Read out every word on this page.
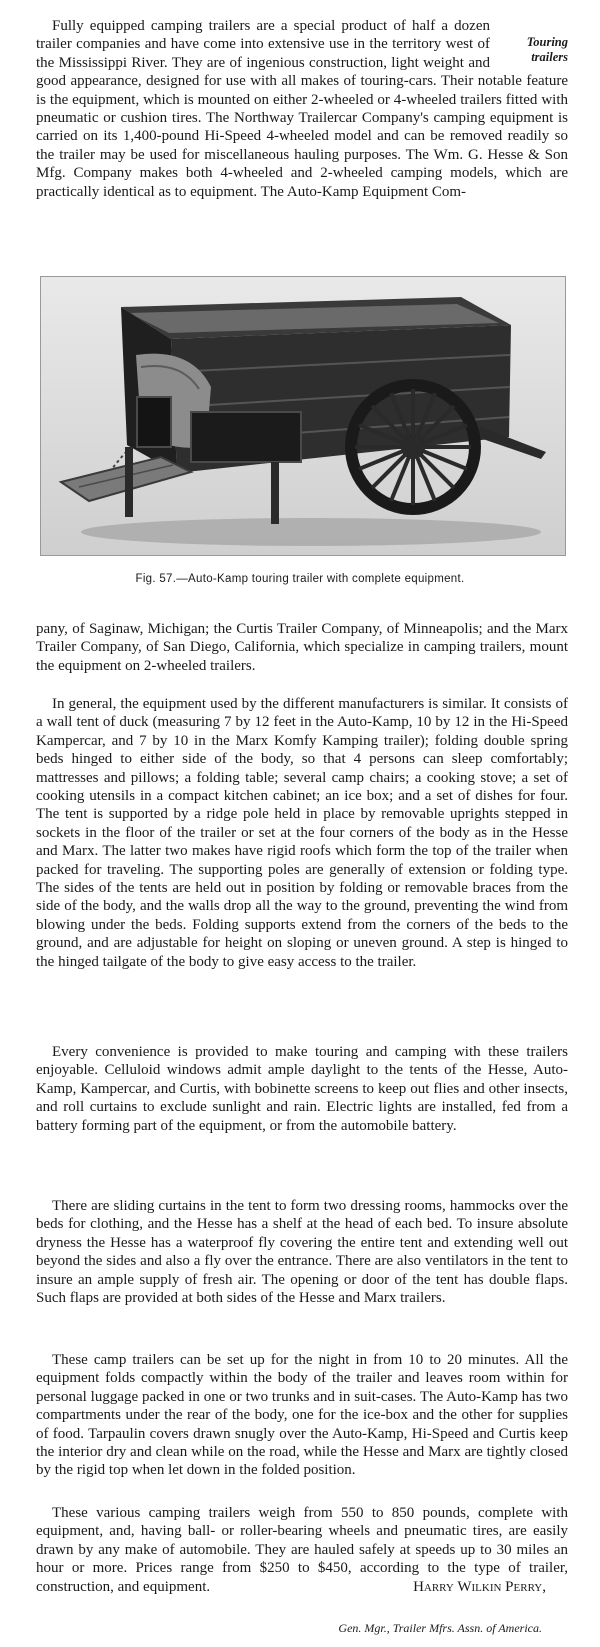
Touring trailers
Fully equipped camping trailers are a special product of half a dozen trailer companies and have come into extensive use in the territory west of the Mississippi River. They are of ingenious construction, light weight and good appearance, designed for use with all makes of touring-cars. Their notable feature is the equipment, which is mounted on either 2-wheeled or 4-wheeled trailers fitted with pneumatic or cushion tires. The Northway Trailercar Company's camping equipment is carried on its 1,400-pound Hi-Speed 4-wheeled model and can be removed readily so the trailer may be used for miscellaneous hauling purposes. The Wm. G. Hesse & Son Mfg. Company makes both 4-wheeled and 2-wheeled camping models, which are practically identical as to equipment. The Auto-Kamp Equipment Com-
Fig. 57.—Auto-Kamp touring trailer with complete equipment.

pany, of Saginaw, Michigan; the Curtis Trailer Company, of Minneapolis; and the Marx Trailer Company, of San Diego, California, which specialize in camping trailers, mount the equipment on 2-wheeled trailers.

In general, the equipment used by the different manufacturers is similar. It consists of a wall tent of duck (measuring 7 by 12 feet in the Auto-Kamp, 10 by 12 in the Hi-Speed Kampercar, and 7 by 10 in the Marx Komfy Kamping trailer); folding double spring beds hinged to either side of the body, so that 4 persons can sleep comfortably; mattresses and pillows; a folding table; several camp chairs; a cooking stove; a set of cooking utensils in a compact kitchen cabinet; an ice box; and a set of dishes for four. The tent is supported by a ridge pole held in place by removable uprights stepped in sockets in the floor of the trailer or set at the four corners of the body as in the Hesse and Marx. The latter two makes have rigid roofs which form the top of the trailer when packed for traveling. The supporting poles are generally of extension or folding type. The sides of the tents are held out in position by folding or removable braces from the side of the body, and the walls drop all the way to the ground, preventing the wind from blowing under the beds. Folding supports extend from the corners of the beds to the ground, and are adjustable for height on sloping or uneven ground. A step is hinged to the hinged tailgate of the body to give easy access to the trailer.

Every convenience is provided to make touring and camping with these trailers enjoyable. Celluloid windows admit ample daylight to the tents of the Hesse, Auto-Kamp, Kampercar, and Curtis, with bobinette screens to keep out flies and other insects, and roll curtains to exclude sunlight and rain. Electric lights are installed, fed from a battery forming part of the equipment, or from the automobile battery.

There are sliding curtains in the tent to form two dressing rooms, hammocks over the beds for clothing, and the Hesse has a shelf at the head of each bed. To insure absolute dryness the Hesse has a waterproof fly covering the entire tent and extending well out beyond the sides and also a fly over the entrance. There are also ventilators in the tent to insure an ample supply of fresh air. The opening or door of the tent has double flaps. Such flaps are provided at both sides of the Hesse and Marx trailers.

These camp trailers can be set up for the night in from 10 to 20 minutes. All the equipment folds compactly within the body of the trailer and leaves room within for personal luggage packed in one or two trunks and in suit-cases. The Auto-Kamp has two compartments under the rear of the body, one for the ice-box and the other for supplies of food. Tarpaulin covers drawn snugly over the Auto-Kamp, Hi-Speed and Curtis keep the interior dry and clean while on the road, while the Hesse and Marx are tightly closed by the rigid top when let down in the folded position.

These various camping trailers weigh from 550 to 850 pounds, complete with equipment, and, having ball- or roller-bearing wheels and pneumatic tires, are easily drawn by any make of automobile. They are hauled safely at speeds up to 30 miles an hour or more. Prices range from $250 to $450, according to the type of trailer, construction, and equipment.	Harry Wilkin Perry,

Gen. Mgr., Trailer Mfrs. Assn. of America.
